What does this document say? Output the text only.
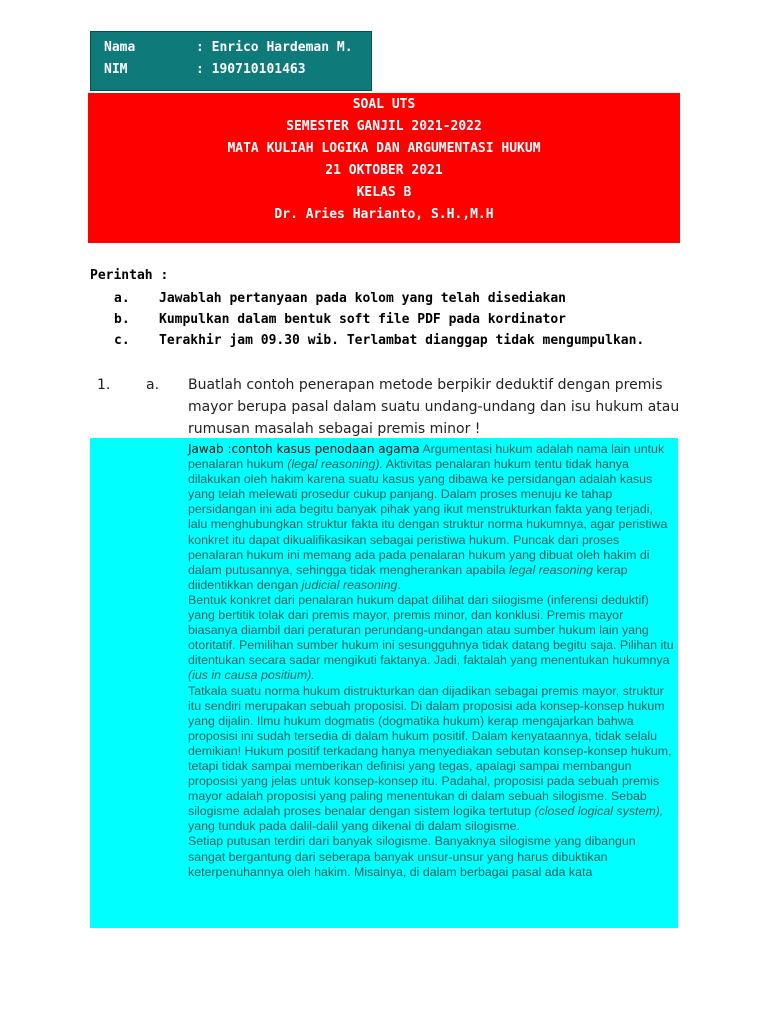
Nama	: Enrico Hardeman M.
NIM	: 190710101463
SOAL UTS
SEMESTER GANJIL 2021-2022
MATA KULIAH LOGIKA DAN ARGUMENTASI HUKUM
21 OKTOBER 2021
KELAS B
Dr. Aries Harianto, S.H.,M.H
Perintah :
a. Jawablah pertanyaan pada kolom yang telah disediakan
b. Kumpulkan dalam bentuk soft file PDF pada kordinator
c. Terakhir jam 09.30 wib. Terlambat dianggap tidak mengumpulkan.
1.	a. Buatlah contoh penerapan metode berpikir deduktif dengan premis
mayor berupa pasal dalam suatu undang-undang dan isu hukum atau
rumusan masalah sebagai premis minor !

Jawab :contoh kasus penodaan agama Argumentasi hukum adalah nama lain untuk penalaran hukum (legal reasoning). Aktivitas penalaran hukum tentu tidak hanya dilakukan oleh hakim karena suatu kasus yang dibawa ke persidangan adalah kasus yang telah melewati prosedur cukup panjang. Dalam proses menuju ke tahap persidangan ini ada begitu banyak pihak yang ikut menstrukturkan fakta yang terjadi, lalu menghubungkan struktur fakta itu dengan struktur norma hukumnya, agar peristiwa konkret itu dapat dikualifikasikan sebagai peristiwa hukum. Puncak dari proses penalaran hukum ini memang ada pada penalaran hukum yang dibuat oleh hakim di dalam putusannya, sehingga tidak mengherankan apabila legal reasoning kerap diidentikkan dengan judicial reasoning.

Bentuk konkret dari penalaran hukum dapat dilihat dari silogisme (inferensi deduktif) yang bertitik tolak dari premis mayor, premis minor, dan konklusi. Premis mayor biasanya diambil dari peraturan perundang-undangan atau sumber hukum lain yang otoritatif. Pemilihan sumber hukum ini sesungguhnya tidak datang begitu saja. Pilihan itu ditentukan secara sadar mengikuti faktanya. Jadi, faktalah yang menentukan hukumnya (ius in causa positium).

Tatkala suatu norma hukum distrukturkan dan dijadikan sebagai premis mayor, struktur itu sendiri merupakan sebuah proposisi. Di dalam proposisi ada konsep-konsep hukum yang dijalin. Ilmu hukum dogmatis (dogmatika hukum) kerap mengajarkan bahwa proposisi ini sudah tersedia di dalam hukum positif. Dalam kenyataannya, tidak selalu demikian! Hukum positif terkadang hanya menyediakan sebutan konsep-konsep hukum, tetapi tidak sampai memberikan definisi yang tegas, apalagi sampai membangun proposisi yang jelas untuk konsep-konsep itu. Padahal, proposisi pada sebuah premis mayor adalah proposisi yang paling menentukan di dalam sebuah silogisme. Sebab silogisme adalah proses benalar dengan sistem logika tertutup (closed logical system), yang tunduk pada dalil-dalil yang dikenal di dalam silogisme.

Setiap putusan terdiri dari banyak silogisme. Banyaknya silogisme yang dibangun sangat bergantung dari seberapa banyak unsur-unsur yang harus dibuktikan keterpenuhannya oleh hakim. Misalnya, di dalam berbagai pasal ada kata
